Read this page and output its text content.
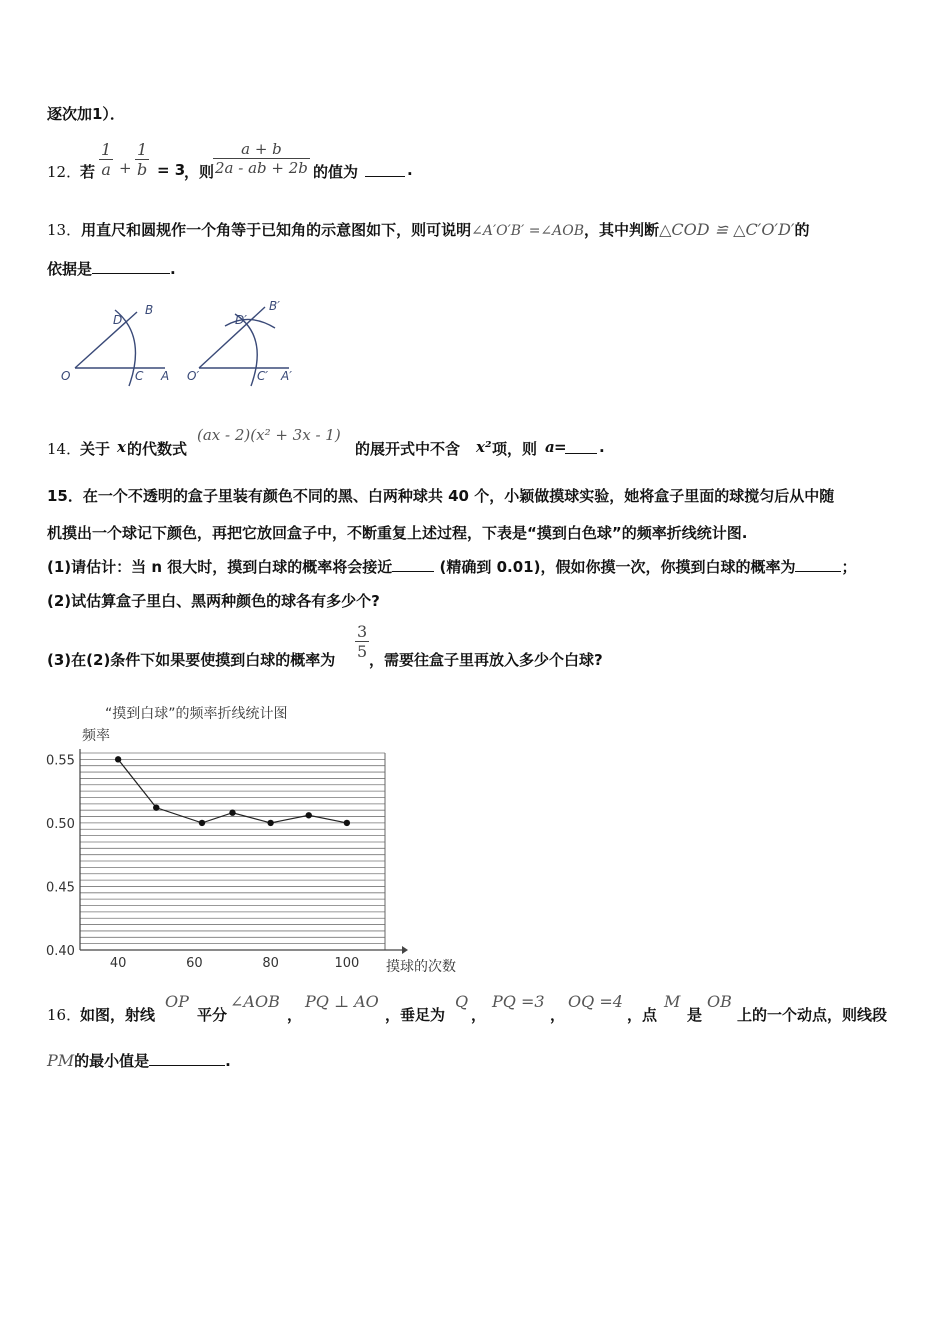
逐次加1）．
12．
若 $\frac{1}{a} + \frac{1}{b} = 3$
，则
$\frac{a + b}{2a - ab + 2b}$ 的值为	.
13．用直尺和圆规作一个角等于已知角的示意图如下，则可说明∠A′O′B′ =∠AOB，其中判断△COD ≌ △C′O′D′的
依据是	.
O	C A
D
B
O′	C′ A′
D′
B′
14．
关于 x 的代数式
(ax - 2)(x² + 3x - 1)
的展开式中不含 x² 项，则 a = .
15．在一个不透明的盒子里装有颜色不同的黑、白两种球共 40 个，小颖做摸球实验，她将盒子里面的球搅匀后从中随
机摸出一个球记下颜色，再把它放回盒子中，不断重复上述过程，下表是“摸到白色球”的频率折线统计图.
(1)请估计：当 n 很大时，摸到白球的概率将会接近	(精确到 0.01)，假如你摸一次，你摸到白球的概率为	；
(2)试估算盒子里白、黑两种颜色的球各有多少个?
(3)在(2)条件下如果要使摸到白球的概率为 $\frac{3}{5}$ ，需要往盒子里再放入多少个白球?
“摸到白球”的频率折线统计图
频率
摸球的次数
0.40
0.45
0.50
0.55
40	60	80	100
16．
如图，射线
OP
平分
∠AOB
，
PQ ⊥ AO
，垂足为
Q
，
PQ =3
，
OQ =4
，点
M
是
OB
上的一个动点，则线段
PM的最小值是	.
